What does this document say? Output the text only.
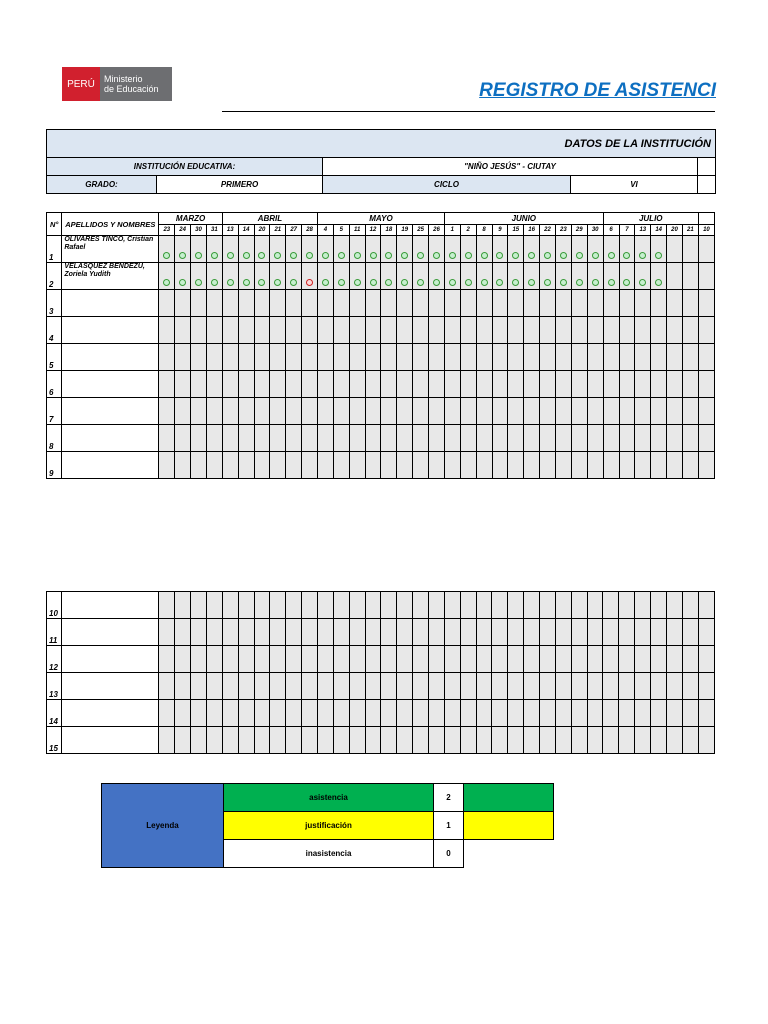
PERÚ	Ministerio
de Educación	REGISTRO DE ASISTENCI
DATOS DE LA INSTITUCIÓN				
INSTITUCIÓN EDUCATIVA:		"NIÑO JESÚS" - CIUTAY		
GRADO:	PRIMERO	CICLO	VI	
N°	APELLIDOS Y NOMBRES	MARZO				ABRIL						MAYO								JUNIO										JULIO						
		23	24	30	31	13	14	20	21	27	28	4	5	11	12	18	19	25	26	1	2	8	9	15	16	22	23	29	30	6	7	13	14	20	21	10
1	OLIVARES TINCO, Cristian Rafael																																			
2	VELASQUEZ BENDEZÚ, Zoriela Yudith																																			
3																																				
4																																				
5																																				
6																																				
7																																				
8																																				
9																																				
10																																				
11																																				
12																																				
13																																				
14																																				
15																																				
Leyenda	asistencia	2	
	justificación	1	
	inasistencia	0	
